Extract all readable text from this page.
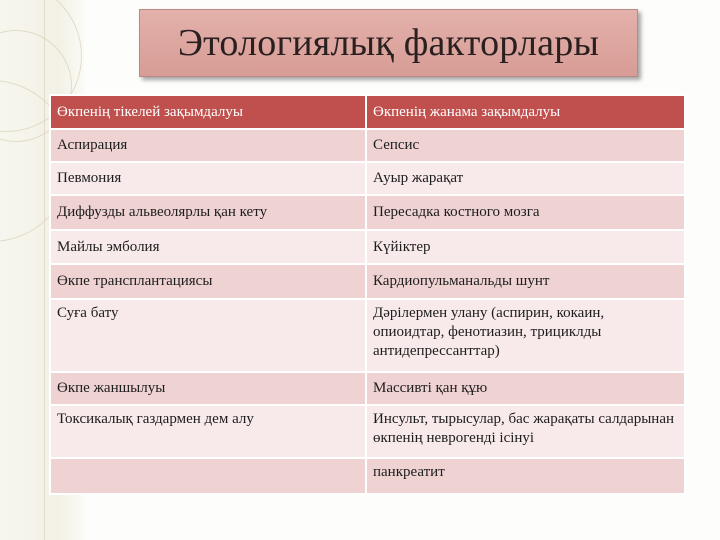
Этологиялық факторлары
Өкпенің тікелей зақымдалуы	Өкпенің жанама зақымдалуы
Аспирация	Сепсис
Певмония	Ауыр жарақат
Диффузды альвеолярлы қан кету	Пересадка костного мозга
Майлы эмболия	Күйіктер
Өкпе трансплантациясы	Кардиопульманальды шунт
Суға бату	Дәрілермен улану (аспирин, кокаин, опиоидтар, фенотиазин, трициклды антидепрессанттар)
Өкпе жаншылуы	Массивті қан құю
Токсикалық газдармен дем алу	Инсульт, тырысулар, бас жарақаты салдарынан өкпенің неврогенді ісінуі
	панкреатит
